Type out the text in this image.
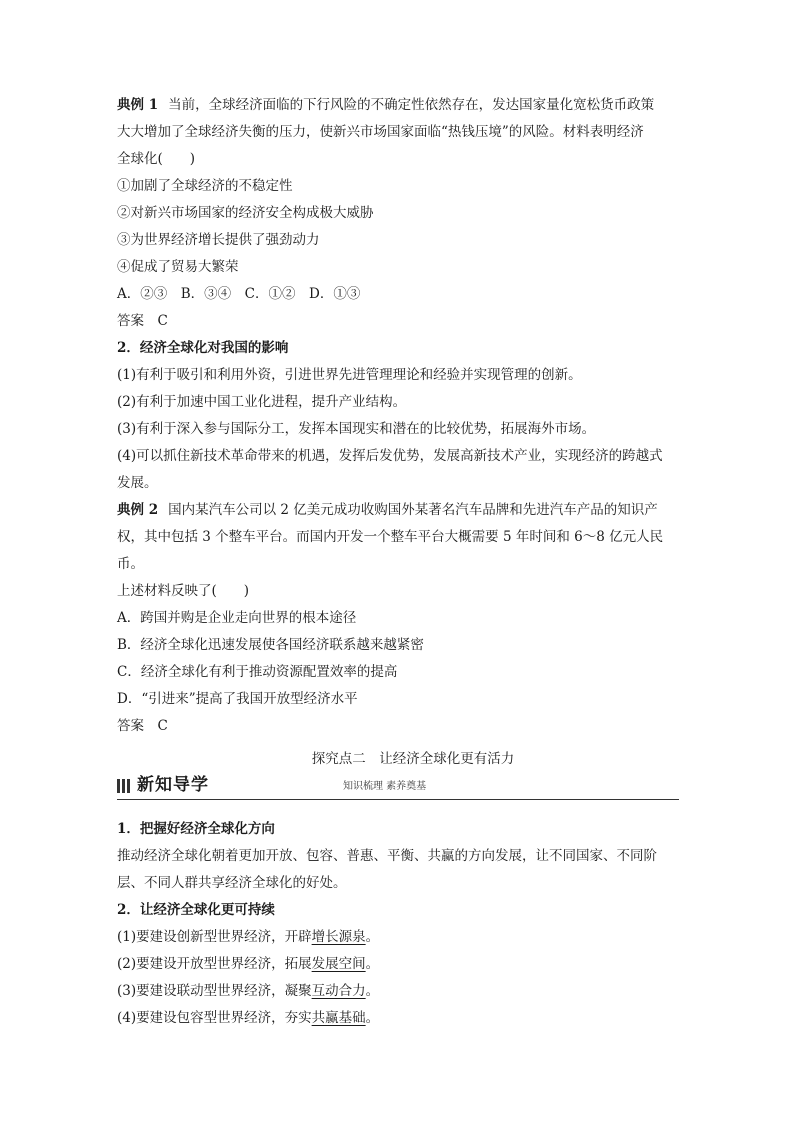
典例 1 当前，全球经济面临的下行风险的不确定性依然存在，发达国家量化宽松货币政策

大大增加了全球经济失衡的压力，使新兴市场国家面临“热钱压境”的风险。材料表明经济

全球化(　　)

①加剧了全球经济的不稳定性

②对新兴市场国家的经济安全构成极大威胁

③为世界经济增长提供了强劲动力

④促成了贸易大繁荣

A．②③　B．③④　C．①②　D．①③

答案　C

2．经济全球化对我国的影响

(1)有利于吸引和利用外资，引进世界先进管理理论和经验并实现管理的创新。

(2)有利于加速中国工业化进程，提升产业结构。

(3)有利于深入参与国际分工，发挥本国现实和潜在的比较优势，拓展海外市场。

(4)可以抓住新技术革命带来的机遇，发挥后发优势，发展高新技术产业，实现经济的跨越式

发展。

典例 2 国内某汽车公司以 2 亿美元成功收购国外某著名汽车品牌和先进汽车产品的知识产

权，其中包括 3 个整车平台。而国内开发一个整车平台大概需要 5 年时间和 6～8 亿元人民币。

上述材料反映了(　　)

A．跨国并购是企业走向世界的根本途径

B．经济全球化迅速发展使各国经济联系越来越紧密

C．经济全球化有利于推动资源配置效率的提高

D．“引进来”提高了我国开放型经济水平

答案　C

探究点二　让经济全球化更有活力

新知导学	知识梳理 素养奠基

1．把握好经济全球化方向

推动经济全球化朝着更加开放、包容、普惠、平衡、共赢的方向发展，让不同国家、不同阶

层、不同人群共享经济全球化的好处。

2．让经济全球化更可持续

(1)要建设创新型世界经济，开辟增长源泉。

(2)要建设开放型世界经济，拓展发展空间。

(3)要建设联动型世界经济，凝聚互动合力。

(4)要建设包容型世界经济，夯实共赢基础。
